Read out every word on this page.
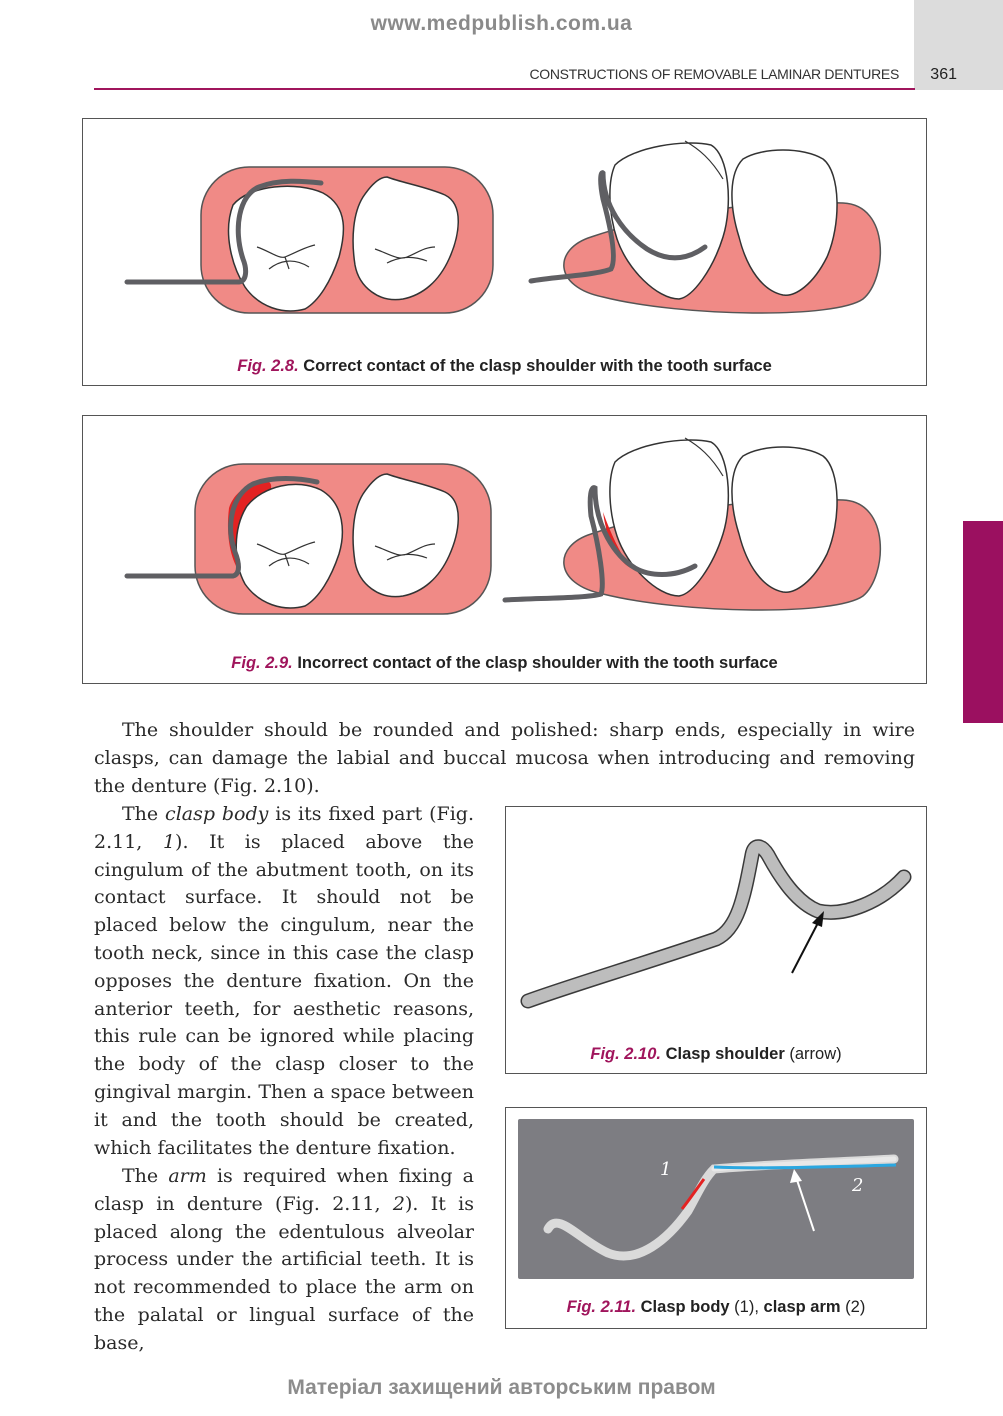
www.medpublish.com.ua
361
CONSTRUCTIONS OF REMOVABLE LAMINAR DENTURES
Fig. 2.8. Correct contact of the clasp shoulder with the tooth surface
Fig. 2.9. Incorrect contact of the clasp shoulder with the tooth surface

The shoulder should be rounded and polished: sharp ends, especially in wire clasps, can damage the labial and buccal mucosa when introducing and removing the denture (Fig. 2.10).

The clasp body is its fixed part (Fig. 2.11, 1). It is placed above the cingulum of the abutment tooth, on its contact surface. It should not be placed below the cingulum, near the tooth neck, since in this case the clasp opposes the denture fixation. On the anterior teeth, for aesthetic reasons, this rule can be ignored while placing the body of the clasp closer to the gingival margin. Then a space between it and the tooth should be created, which facilitates the denture fixation.

The arm is required when fixing a clasp in denture (Fig. 2.11, 2). It is placed along the edentulous alveolar process under the artificial teeth. It is not recommended to place the arm on the palatal or lingual surface of the base,

Fig. 2.10. Clasp shoulder (arrow)
1
2
Fig. 2.11. Clasp body (1), clasp arm (2)
Матеріал захищений авторським правом
